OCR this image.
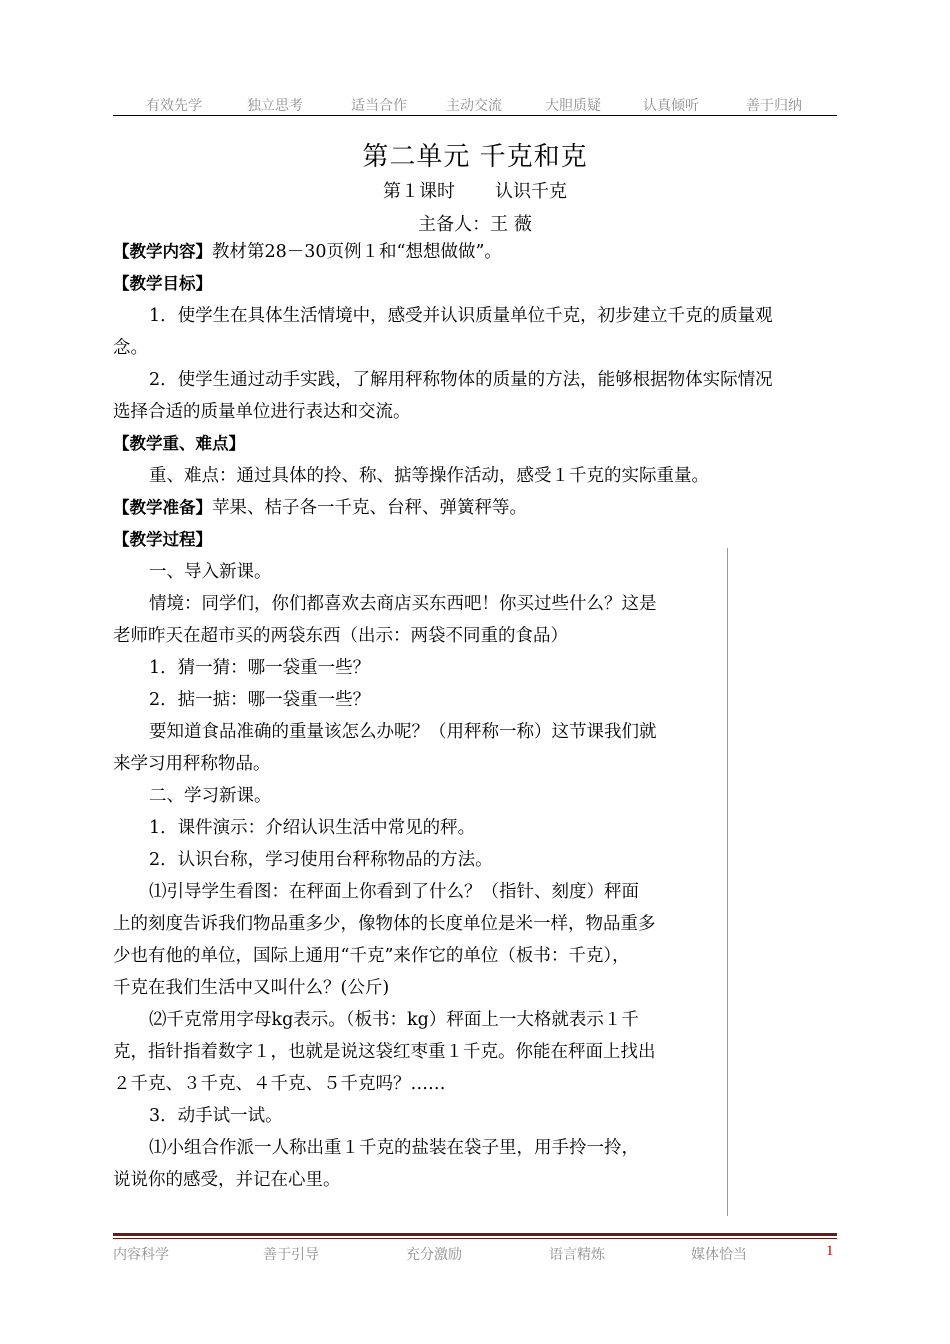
有效先学	独立思考	适当合作	主动交流	大胆质疑	认真倾听	善于归纳
第二单元 千克和克
第１课时 认识千克
主备人：王 薇
【教学内容】教材第28－30页例１和“想想做做”。
【教学目标】
1．使学生在具体生活情境中，感受并认识质量单位千克，初步建立千克的质量观
念。
2．使学生通过动手实践，了解用秤称物体的质量的方法，能够根据物体实际情况
选择合适的质量单位进行表达和交流。
【教学重、难点】
重、难点：通过具体的拎、称、掂等操作活动，感受１千克的实际重量。
【教学准备】苹果、桔子各一千克、台秤、弹簧秤等。
【教学过程】
一、导入新课。
情境：同学们，你们都喜欢去商店买东西吧！你买过些什么？这是
老师昨天在超市买的两袋东西（出示：两袋不同重的食品）
1．猜一猜：哪一袋重一些？
2．掂一掂：哪一袋重一些？
要知道食品准确的重量该怎么办呢？（用秤称一称）这节课我们就
来学习用秤称物品。
二、学习新课。
1．课件演示：介绍认识生活中常见的秤。
2．认识台称，学习使用台秤称物品的方法。
⑴引导学生看图：在秤面上你看到了什么？（指针、刻度）秤面
上的刻度告诉我们物品重多少，像物体的长度单位是米一样，物品重多
少也有他的单位，国际上通用“千克”来作它的单位（板书：千克），
千克在我们生活中又叫什么？(公斤)
⑵千克常用字母kg表示。（板书：kg）秤面上一大格就表示１千
克，指针指着数字１，也就是说这袋红枣重１千克。你能在秤面上找出
２千克、３千克、４千克、５千克吗？……
3．动手试一试。
⑴小组合作派一人称出重１千克的盐装在袋子里，用手拎一拎，
说说你的感受，并记在心里。
内容科学	善于引导	充分激励	语言精炼	媒体恰当	1
